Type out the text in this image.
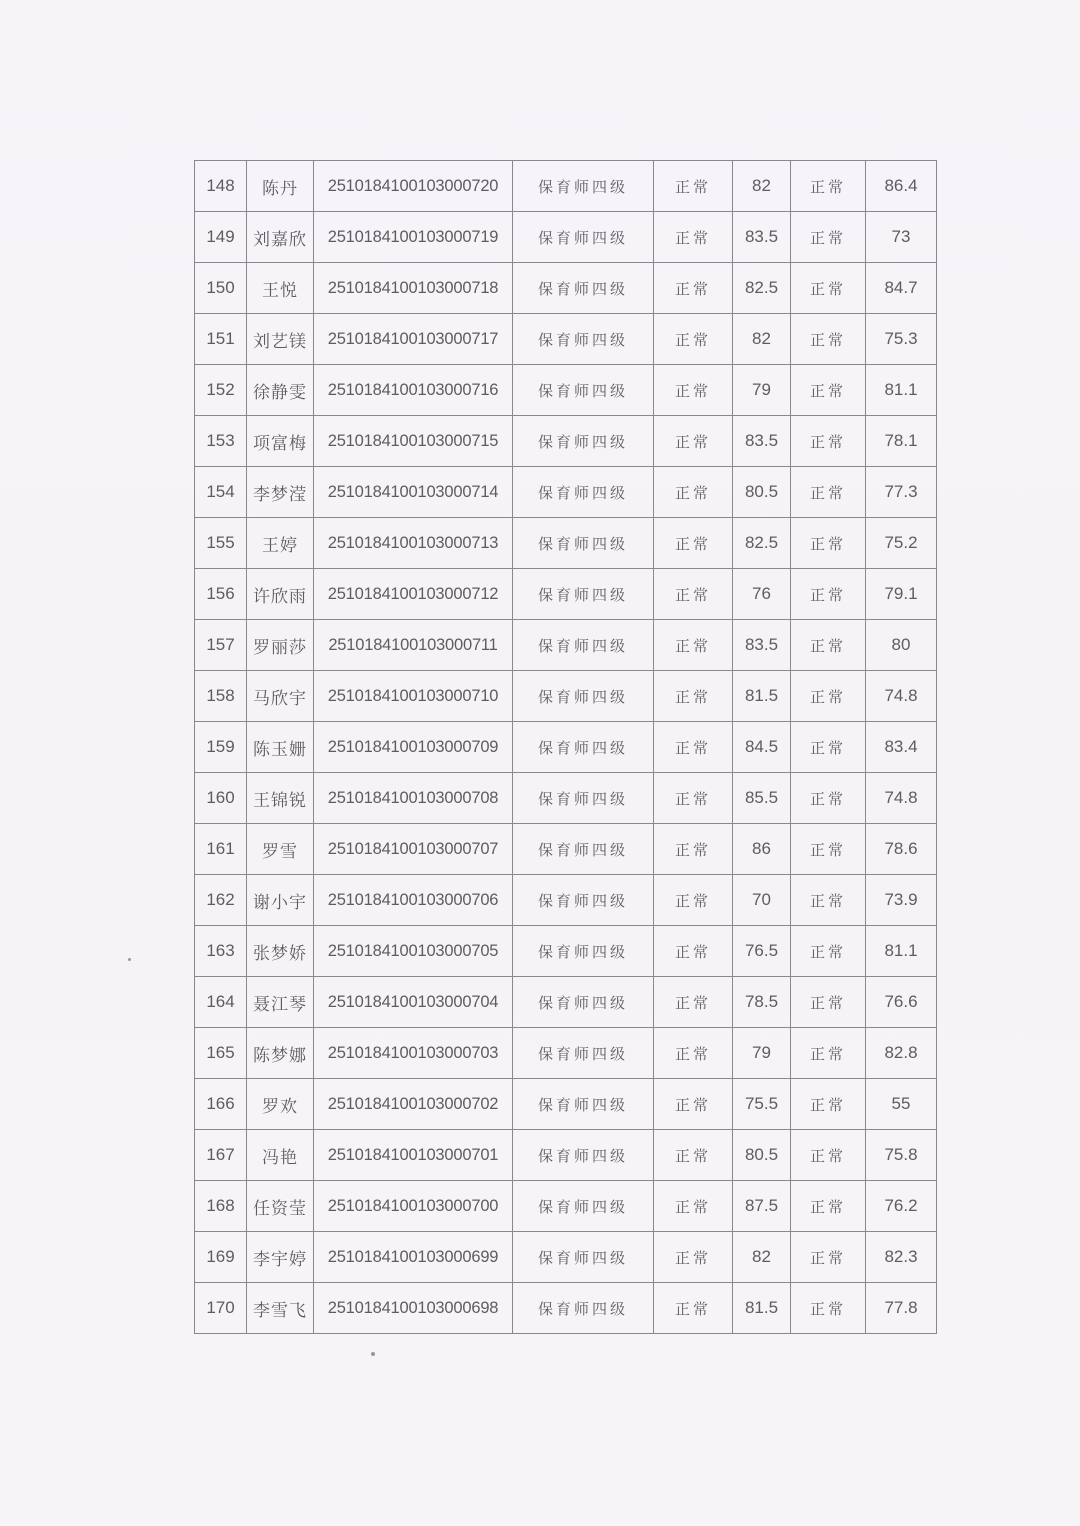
148	陈丹	2510184100103000720	保育师四级	正常	82	正常	86.4
149	刘嘉欣	2510184100103000719	保育师四级	正常	83.5	正常	73
150	王悦	2510184100103000718	保育师四级	正常	82.5	正常	84.7
151	刘艺镁	2510184100103000717	保育师四级	正常	82	正常	75.3
152	徐静雯	2510184100103000716	保育师四级	正常	79	正常	81.1
153	项富梅	2510184100103000715	保育师四级	正常	83.5	正常	78.1
154	李梦滢	2510184100103000714	保育师四级	正常	80.5	正常	77.3
155	王婷	2510184100103000713	保育师四级	正常	82.5	正常	75.2
156	许欣雨	2510184100103000712	保育师四级	正常	76	正常	79.1
157	罗丽莎	2510184100103000711	保育师四级	正常	83.5	正常	80
158	马欣宇	2510184100103000710	保育师四级	正常	81.5	正常	74.8
159	陈玉姗	2510184100103000709	保育师四级	正常	84.5	正常	83.4
160	王锦锐	2510184100103000708	保育师四级	正常	85.5	正常	74.8
161	罗雪	2510184100103000707	保育师四级	正常	86	正常	78.6
162	谢小宇	2510184100103000706	保育师四级	正常	70	正常	73.9
163	张梦娇	2510184100103000705	保育师四级	正常	76.5	正常	81.1
164	聂江琴	2510184100103000704	保育师四级	正常	78.5	正常	76.6
165	陈梦娜	2510184100103000703	保育师四级	正常	79	正常	82.8
166	罗欢	2510184100103000702	保育师四级	正常	75.5	正常	55
167	冯艳	2510184100103000701	保育师四级	正常	80.5	正常	75.8
168	任资莹	2510184100103000700	保育师四级	正常	87.5	正常	76.2
169	李宇婷	2510184100103000699	保育师四级	正常	82	正常	82.3
170	李雪飞	2510184100103000698	保育师四级	正常	81.5	正常	77.8
